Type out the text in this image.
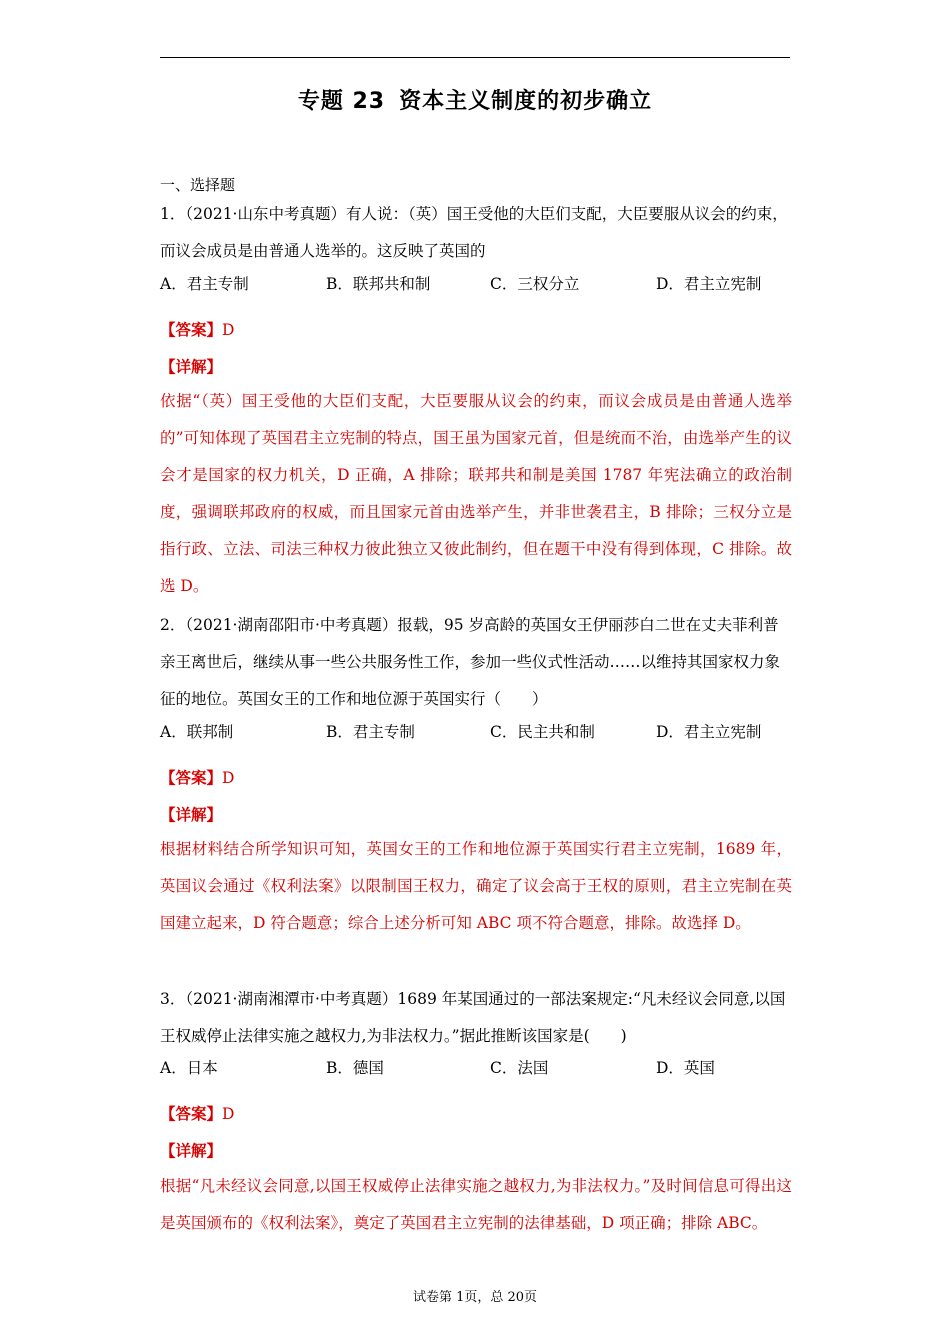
专题 23 资本主义制度的初步确立
一、选择题
1．（2021·山东中考真题）有人说：（英）国王受他的大臣们支配，大臣要服从议会的约束，而议会成员是由普通人选举的。这反映了英国的
A．君主专制	B．联邦共和制	C．三权分立	D．君主立宪制
【答案】D
【详解】
依据“（英）国王受他的大臣们支配，大臣要服从议会的约束，而议会成员是由普通人选举的”可知体现了英国君主立宪制的特点，国王虽为国家元首，但是统而不治，由选举产生的议会才是国家的权力机关，D 正确，A 排除；联邦共和制是美国 1787 年宪法确立的政治制度，强调联邦政府的权威，而且国家元首由选举产生，并非世袭君主，B 排除；三权分立是指行政、立法、司法三种权力彼此独立又彼此制约，但在题干中没有得到体现，C 排除。故选 D。
2．（2021·湖南邵阳市·中考真题）报载，95 岁高龄的英国女王伊丽莎白二世在丈夫菲利普亲王离世后，继续从事一些公共服务性工作，参加一些仪式性活动……以维持其国家权力象征的地位。英国女王的工作和地位源于英国实行（　　）
A．联邦制	B．君主专制	C．民主共和制	D．君主立宪制
【答案】D
【详解】
根据材料结合所学知识可知，英国女王的工作和地位源于英国实行君主立宪制，1689 年，英国议会通过《权利法案》以限制国王权力，确定了议会高于王权的原则，君主立宪制在英国建立起来，D 符合题意；综合上述分析可知 ABC 项不符合题意，排除。故选择 D。
3．（2021·湖南湘潭市·中考真题）1689 年某国通过的一部法案规定:“凡未经议会同意,以国王权威停止法律实施之越权力,为非法权力。”据此推断该国家是(　　)
A．日本	B．德国	C．法国	D．英国
【答案】D
【详解】
根据“凡未经议会同意,以国王权威停止法律实施之越权力,为非法权力。”及时间信息可得出这是英国颁布的《权利法案》，奠定了英国君主立宪制的法律基础，D 项正确；排除 ABC。
试卷第 1页，总 20页
